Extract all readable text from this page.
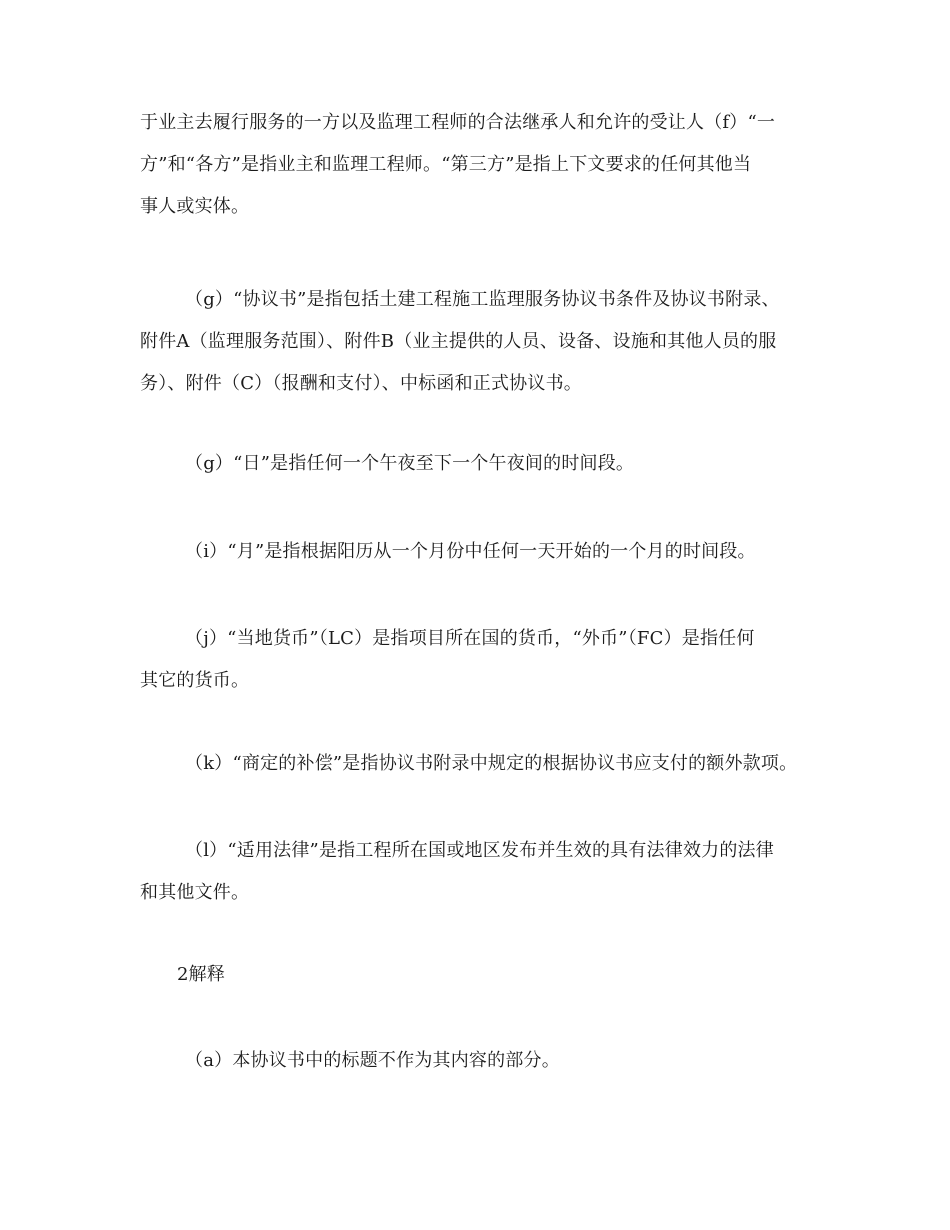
于业主去履行服务的一方以及监理工程师的合法继承人和允许的受让人（f）“一
方”和“各方”是指业主和监理工程师。“第三方”是指上下文要求的任何其他当
事人或实体。

（g）“协议书”是指包括土建工程施工监理服务协议书条件及协议书附录、
附件A（监理服务范围）、附件B（业主提供的人员、设备、设施和其他人员的服
务）、附件（C）（报酬和支付）、中标函和正式协议书。

（g）“日”是指任何一个午夜至下一个午夜间的时间段。

（i）“月”是指根据阳历从一个月份中任何一天开始的一个月的时间段。

（j）“当地货币”（LC）是指项目所在国的货币，“外币”（FC）是指任何
其它的货币。

（k）“商定的补偿”是指协议书附录中规定的根据协议书应支付的额外款项。

（l）“适用法律”是指工程所在国或地区发布并生效的具有法律效力的法律
和其他文件。

2解释

（a）本协议书中的标题不作为其内容的部分。
